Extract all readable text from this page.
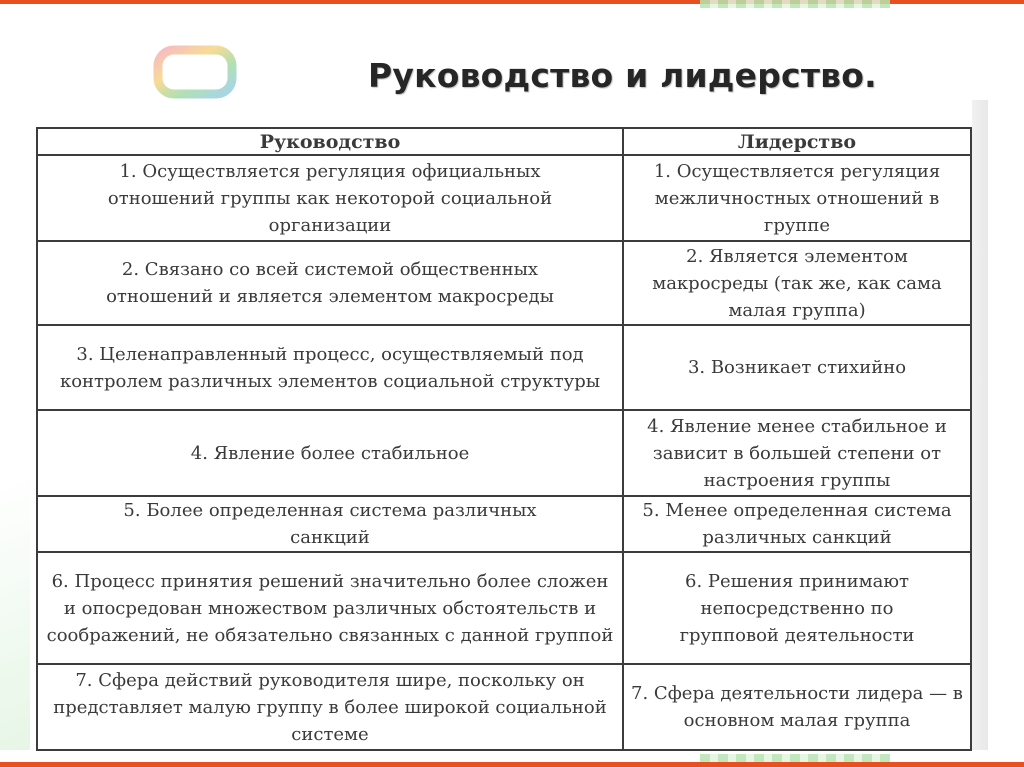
Руководство и лидерство.
Руководство	Лидерство
1. Осуществляется регуляция официальных отношений группы как некоторой социальной организации	1. Осуществляется регуляция межличностных отношений в группе
2. Связано со всей системой общественных отношений и является элементом макросреды	2. Является элементом макросреды (так же, как сама малая группа)
3. Целенаправленный процесс, осуществляемый под контролем различных элементов социальной структуры	3. Возникает стихийно
4. Явление более стабильное	4. Явление менее стабильное и зависит в большей степени от настроения группы
5. Более определенная система различных санкций	5. Менее определенная система различных санкций
6. Процесс принятия решений значительно более сложен и опосредован множеством различных обстоятельств и соображений, не обязательно связанных с данной группой	6. Решения принимают непосредственно по групповой деятельности
7. Сфера действий руководителя шире, поскольку он представляет малую группу в более широкой социальной системе	7. Сфера деятельности лидера — в основном малая группа
